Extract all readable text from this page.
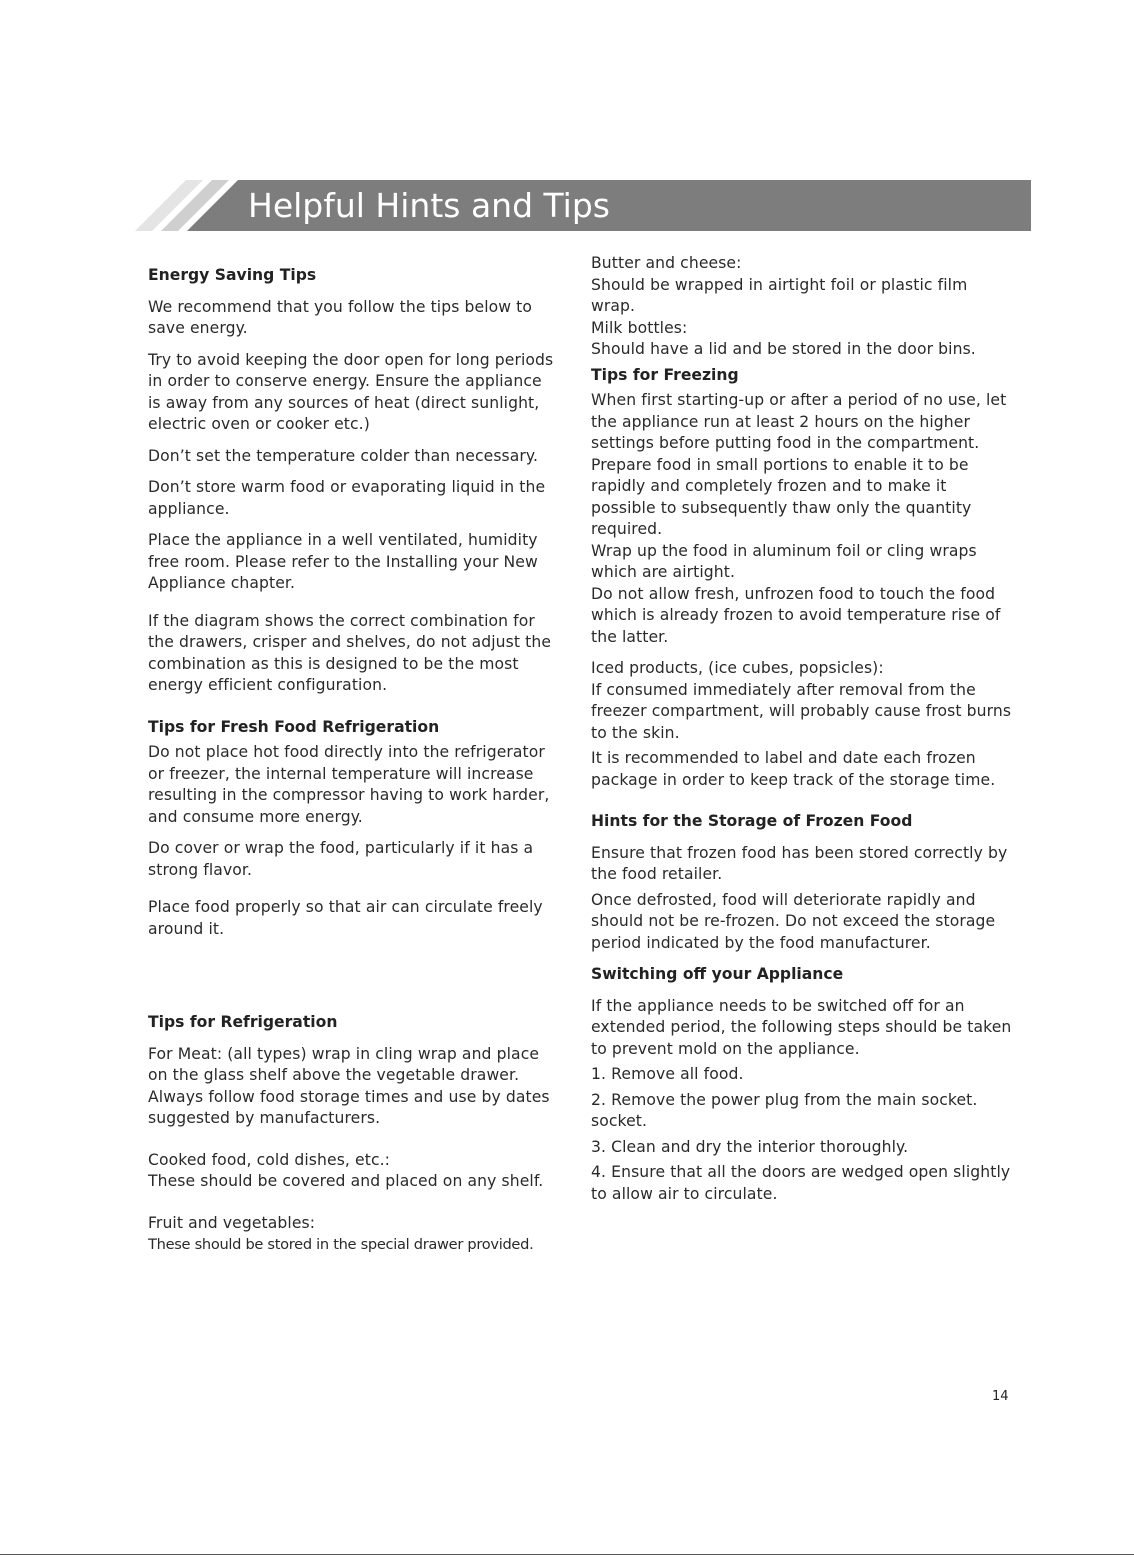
Helpful Hints and Tips
Energy Saving Tips

We recommend that you follow the tips below to save energy.

Try to avoid keeping the door open for long periods in order to conserve energy. Ensure the appliance is away from any sources of heat (direct sunlight, electric oven or cooker etc.)

Don’t set the temperature colder than necessary.

Don’t store warm food or evaporating liquid in the appliance.

Place the appliance in a well ventilated, humidity free room. Please refer to the Installing your New Appliance chapter.

If the diagram shows the correct combination for the drawers, crisper and shelves, do not adjust the combination as this is designed to be the most energy efficient configuration.

Tips for Fresh Food Refrigeration

Do not place hot food directly into the refrigerator or freezer, the internal temperature will increase resulting in the compressor having to work harder, and consume more energy.

Do cover or wrap the food, particularly if it has a strong flavor.

Place food properly so that air can circulate freely around it.

Tips for Refrigeration

For Meat: (all types) wrap in cling wrap and place on the glass shelf above the vegetable drawer. Always follow food storage times and use by dates suggested by manufacturers.

Cooked food, cold dishes, etc.:

These should be covered and placed on any shelf.

Fruit and vegetables:

These should be stored in the special drawer provided.

Butter and cheese:

Should be wrapped in airtight foil or plastic film wrap.

Milk bottles:

Should have a lid and be stored in the door bins.

Tips for Freezing

When first starting-up or after a period of no use, let the appliance run at least 2 hours on the higher settings before putting food in the compartment.

Prepare food in small portions to enable it to be rapidly and completely frozen and to make it possible to subsequently thaw only the quantity required.

Wrap up the food in aluminum foil or cling wraps which are airtight.

Do not allow fresh, unfrozen food to touch the food which is already frozen to avoid temperature rise of the latter.

Iced products, (ice cubes, popsicles):

If consumed immediately after removal from the freezer compartment, will probably cause frost burns to the skin.

It is recommended to label and date each frozen package in order to keep track of the storage time.

Hints for the Storage of Frozen Food

Ensure that frozen food has been stored correctly by the food retailer.

Once defrosted, food will deteriorate rapidly and should not be re-frozen. Do not exceed the storage period indicated by the food manufacturer.

Switching off your Appliance

If the appliance needs to be switched off for an extended period, the following steps should be taken to prevent mold on the appliance.

1. Remove all food.

2. Remove the power plug from the main socket. socket.

3. Clean and dry the interior thoroughly.

4. Ensure that all the doors are wedged open slightly to allow air to circulate.

14
